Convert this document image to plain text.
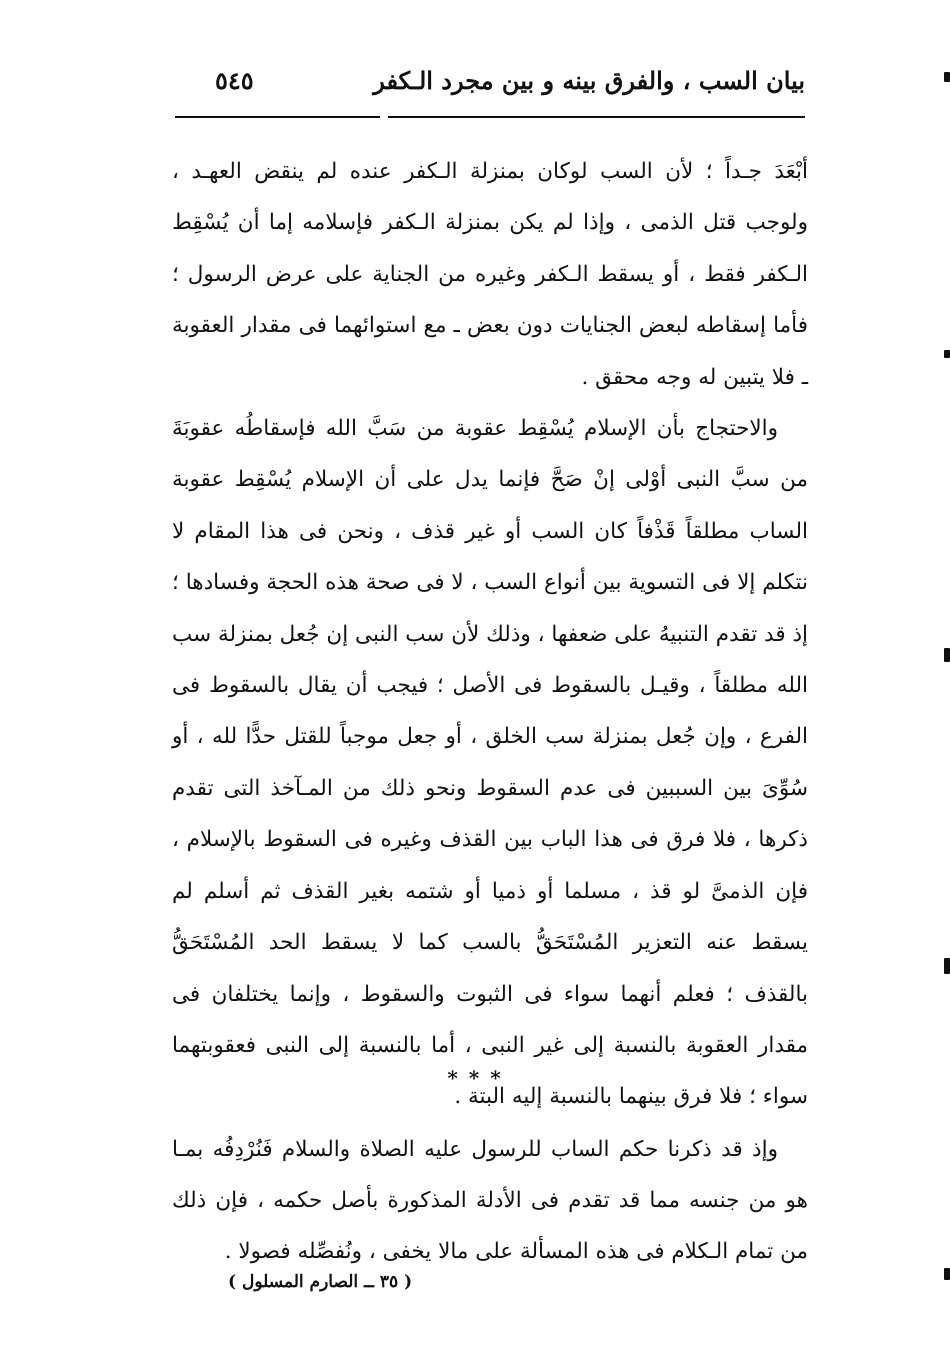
بيان السب ، والفرق بينه و بين مجرد الـكفر
٥٤٥

أبْعَدَ جـداً ؛ لأن السب لوكان بمنزلة الـكفر عنده لم ينقض العهـد ، ولوجب قتل الذمى ، وإذا لم يكن بمنزلة الـكفر فإسلامه إما أن يُسْقِط الـكفر فقط ، أو يسقط الـكفر وغيره من الجناية على عرض الرسول ؛ فأما إسقاطه لبعض الجنايات دون بعض ـ مع استوائهما فى مقدار العقوبة ـ فلا يتبين له وجه محقق .

والاحتجاج بأن الإسلام يُسْقِط عقوبة من سَبَّ الله فإسقاطُه عقوبَةَ من سبَّ النبى أوْلى إنْ صَحَّ فإنما يدل على أن الإسلام يُسْقِط عقوبة الساب مطلقاً قَذْفاً كان السب أو غير قذف ، ونحن فى هذا المقام لا نتكلم إلا فى التسوية بين أنواع السب ، لا فى صحة هذه الحجة وفسادها ؛ إذ قد تقدم التنبيهُ على ضعفها ، وذلك لأن سب النبى إن جُعل بمنزلة سب الله مطلقاً ، وقيـل بالسقوط فى الأصل ؛ فيجب أن يقال بالسقوط فى الفرع ، وإن جُعل بمنزلة سب الخلق ، أو جعل موجباً للقتل حدًّا لله ، أو سُوِّىَ بين السببين فى عدم السقوط ونحو ذلك من المـآخذ التى تقدم ذكرها ، فلا فرق فى هذا الباب بين القذف وغيره فى السقوط بالإسلام ، فإن الذمىَّ لو قذ ، مسلما أو ذميا أو شتمه بغير القذف ثم أسلم لم يسقط عنه التعزير المُسْتَحَقُّ بالسب كما لا يسقط الحد المُسْتَحَقُّ بالقذف ؛ فعلم أنهما سواء فى الثبوت والسقوط ، وإنما يختلفان فى مقدار العقوبة بالنسبة إلى غير النبى ، أما بالنسبة إلى النبى فعقوبتهما سواء ؛ فلا فرق بينهما بالنسبة إليه البتة .

* * *

وإذ قد ذكرنا حكم الساب للرسول عليه الصلاة والسلام فَنُرْدِفُه بمـا هو من جنسه مما قد تقدم فى الأدلة المذكورة بأصل حكمه ، فإن ذلك من تمام الـكلام فى هذه المسألة على مالا يخفى ، ونُفصِّله فصولا .

( ٣٥ ــ الصارم المسلول )
